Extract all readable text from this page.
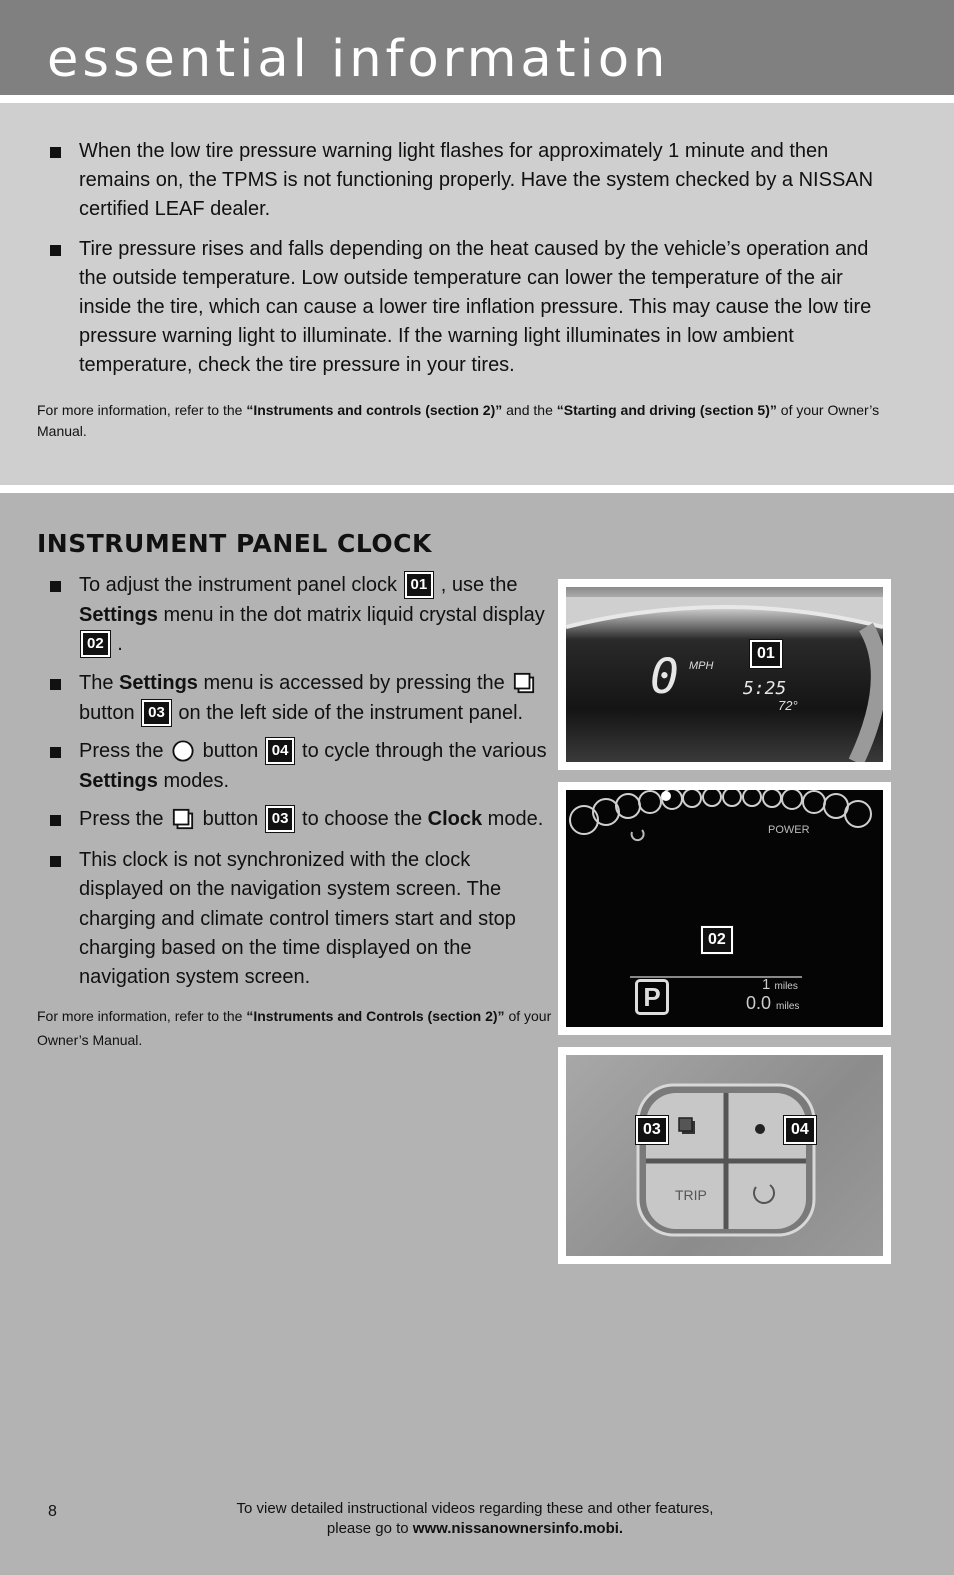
essential information
When the low tire pressure warning light flashes for approximately 1 minute and then remains on, the TPMS is not functioning properly. Have the system checked by a NISSAN certified LEAF dealer.
Tire pressure rises and falls depending on the heat caused by the vehicle’s operation and the outside temperature. Low outside temperature can lower the temperature of the air inside the tire, which can cause a lower tire inflation pressure. This may cause the low tire pressure warning light to illuminate. If the warning light illuminates in low ambient temperature, check the tire pressure in your tires.
For more information, refer to the “Instruments and controls (section 2)” and the “Starting and driving (section 5)” of your Owner’s Manual.
INSTRUMENT PANEL CLOCK
To adjust the instrument panel clock 01 , use the Settings menu in the dot matrix liquid crystal display 02 .
The Settings menu is accessed by pressing the  button 03 on the left side of the instrument panel.
Press the  button 04 to cycle through the various Settings modes.
Press the  button 03 to choose the Clock mode.
This clock is not synchronized with the clock displayed on the navigation system screen. The charging and climate control timers start and stop charging based on the time displayed on the navigation system screen.
For more information, refer to the “Instruments and Controls (section 2)” of your Owner’s Manual.
0 MPH
5:25
72°
01
POWER
P	1 miles
0.0 miles
02
TRIP
03	04
8	To view detailed instructional videos regarding these and other features,
please go to www.nissanownersinfo.mobi.
